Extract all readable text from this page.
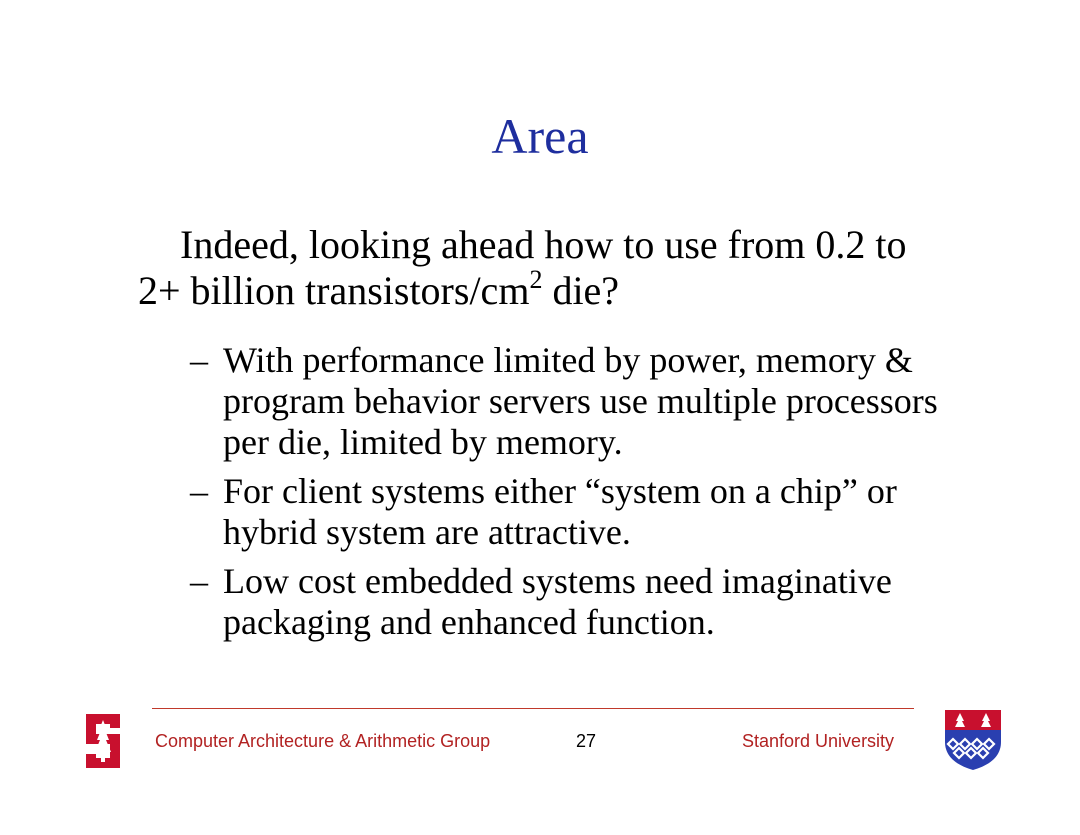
Area
Indeed, looking ahead how to use from 0.2 to 2+ billion transistors/$cm^2$ die?
– With performance limited by power, memory & program behavior servers use multiple processors per die, limited by memory.
– For client systems either “system on a chip” or hybrid system are attractive.
– Low cost embedded systems need imaginative packaging and enhanced function.
Computer Architecture & Arithmetic Group	27	Stanford University
